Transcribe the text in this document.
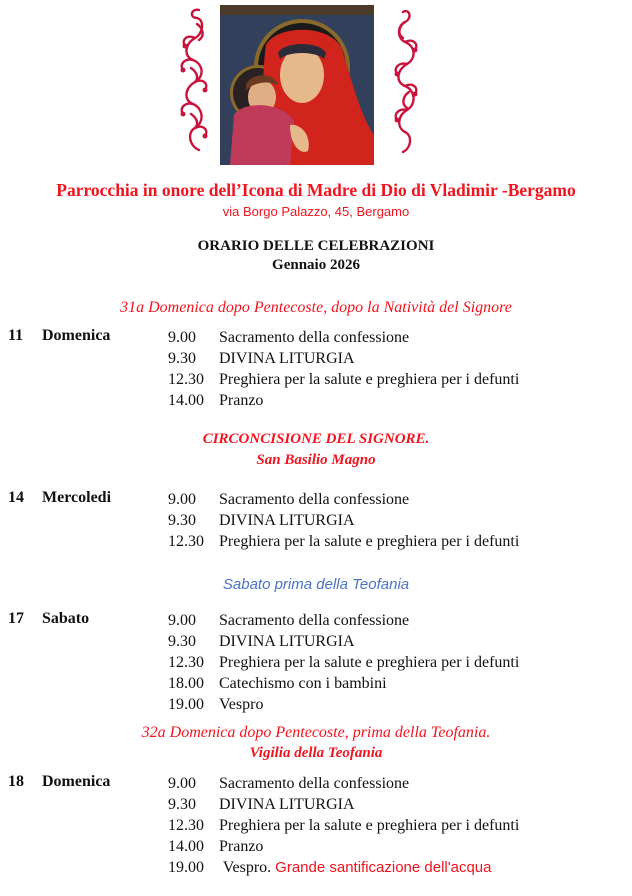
Parrocchia in onore dell’Icona di Madre di Dio di Vladimir -Bergamo
via Borgo Palazzo, 45, Bergamo
ORARIO DELLE CELEBRAZIONI
Gennaio 2026
31a Domenica dopo Pentecoste, dopo la Natività del Signore
11 Domenica	9.00 Sacramento della confessione
9.30 DIVINA LITURGIA
12.30 Preghiera per la salute e preghiera per i defunti
14.00 Pranzo
CIRCONCISIONE DEL SIGNORE.
San Basilio Magno
14 Mercoledi	9.00 Sacramento della confessione
9.30 DIVINA LITURGIA
12.30 Preghiera per la salute e preghiera per i defunti
Sabato prima della Teofania
17 Sabato	9.00 Sacramento della confessione
9.30 DIVINA LITURGIA
12.30 Preghiera per la salute e preghiera per i defunti
18.00 Catechismo con i bambini
19.00 Vespro
32a Domenica dopo Pentecoste, prima della Teofania.
Vigilia della Teofania
18 Domenica	9.00 Sacramento della confessione
9.30 DIVINA LITURGIA
12.30 Preghiera per la salute e preghiera per i defunti
14.00 Pranzo
19.00 Vespro. Grande santificazione dell'acqua
